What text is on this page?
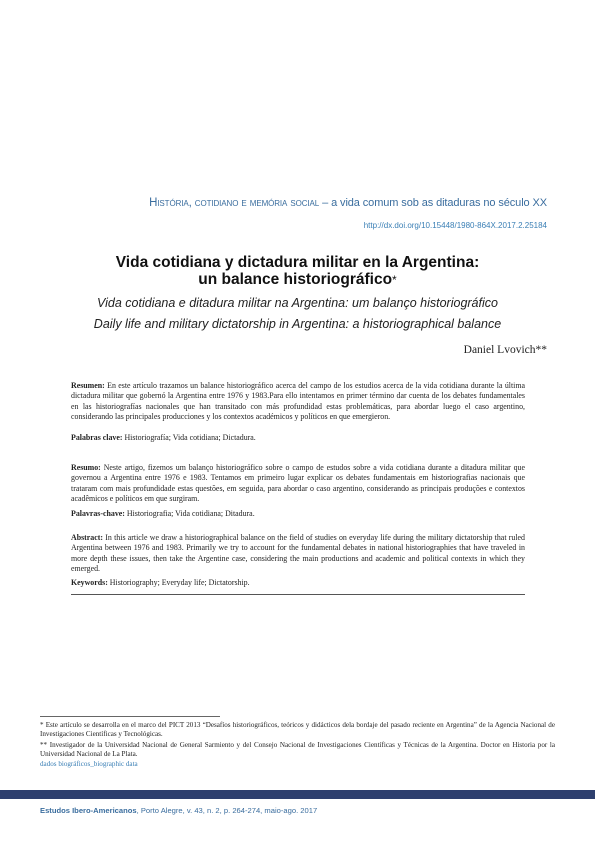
História, cotidiano e memória social – a vida comum sob as ditaduras no século XX
http://dx.doi.org/10.15448/1980-864X.2017.2.25184
Vida cotidiana y dictadura militar en la Argentina:
un balance historiográfico*
Vida cotidiana e ditadura militar na Argentina: um balanço historiográfico
Daily life and military dictatorship in Argentina: a historiographical balance
Daniel Lvovich**
Resumen: En este artículo trazamos un balance historiográfico acerca del campo de los estudios acerca de la vida cotidiana durante la última dictadura militar que gobernó la Argentina entre 1976 y 1983.Para ello intentamos en primer término dar cuenta de los debates fundamentales en las historiografías nacionales que han transitado con más profundidad estas problemáticas, para abordar luego el caso argentino, considerando las principales producciones y los contextos académicos y políticos en que emergieron.
Palabras clave: Historiografía; Vida cotidiana; Dictadura.
Resumo: Neste artigo, fizemos um balanço historiográfico sobre o campo de estudos sobre a vida cotidiana durante a ditadura militar que governou a Argentina entre 1976 e 1983. Tentamos em primeiro lugar explicar os debates fundamentais em historiografias nacionais que trataram com mais profundidade estas questões, em seguida, para abordar o caso argentino, considerando as principais produções e contextos acadêmicos e políticos em que surgiram.
Palavras-chave: Historiografia; Vida cotidiana; Ditadura.
Abstract: In this article we draw a historiographical balance on the field of studies on everyday life during the military dictatorship that ruled Argentina between 1976 and 1983. Primarily we try to account for the fundamental debates in national historiographies that have traveled in more depth these issues, then take the Argentine case, considering the main productions and academic and political contexts in which they emerged.
Keywords: Historiography; Everyday life; Dictatorship.
* Este artículo se desarrolla en el marco del PICT 2013 “Desafíos historiográficos, teóricos y didácticos dela bordaje del pasado reciente en Argentina” de la Agencia Nacional de Investigaciones Científicas y Tecnológicas.
** Investigador de la Universidad Nacional de General Sarmiento y del Consejo Nacional de Investigaciones Científicas y Técnicas de la Argentina. Doctor en Historia por la Universidad Nacional de La Plata.
dados biográficos_biographic data
Estudos Ibero-Americanos, Porto Alegre, v. 43, n. 2, p. 264-274, maio-ago. 2017
